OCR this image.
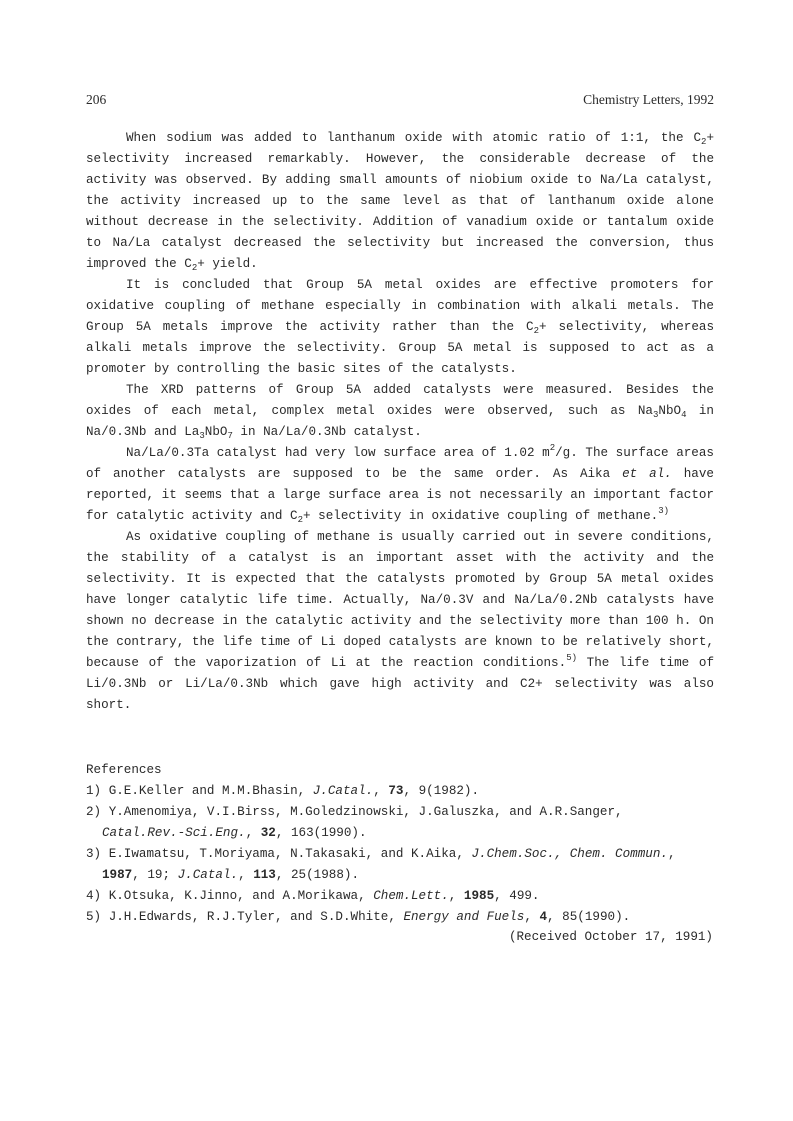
206	Chemistry Letters, 1992

When sodium was added to lanthanum oxide with atomic ratio of 1:1, the $C_2+$ selectivity increased remarkably. However, the considerable decrease of the activity was observed. By adding small amounts of niobium oxide to Na/La catalyst, the activity increased up to the same level as that of lanthanum oxide alone without decrease in the selectivity. Addition of vanadium oxide or tantalum oxide to Na/La catalyst decreased the selectivity but increased the conversion, thus improved the $C_2+$ yield.

It is concluded that Group 5A metal oxides are effective promoters for oxidative coupling of methane especially in combination with alkali metals. The Group 5A metals improve the activity rather than the $C_2+$ selectivity, whereas alkali metals improve the selectivity. Group 5A metal is supposed to act as a promoter by controlling the basic sites of the catalysts.

The XRD patterns of Group 5A added catalysts were measured. Besides the oxides of each metal, complex metal oxides were observed, such as $Na_3NbO_4$ in Na/0.3Nb and $La_3NbO_7$ in Na/La/0.3Nb catalyst.

Na/La/0.3Ta catalyst had very low surface area of 1.02 $m^2/g$. The surface areas of another catalysts are supposed to be the same order. As Aika et al. have reported, it seems that a large surface area is not necessarily an important factor for catalytic activity and $C_2+$ selectivity in oxidative coupling of methane.$^{3)}$

As oxidative coupling of methane is usually carried out in severe conditions, the stability of a catalyst is an important asset with the activity and the selectivity. It is expected that the catalysts promoted by Group 5A metal oxides have longer catalytic life time. Actually, Na/0.3V and Na/La/0.2Nb catalysts have shown no decrease in the catalytic activity and the selectivity more than 100 h. On the contrary, the life time of Li doped catalysts are known to be relatively short, because of the vaporization of Li at the reaction conditions.$^{5)}$ The life time of Li/0.3Nb or Li/La/0.3Nb which gave high activity and C2+ selectivity was also short.

References

1) G.E.Keller and M.M.Bhasin, J.Catal., 73, 9(1982).
2) Y.Amenomiya, V.I.Birss, M.Goledzinowski, J.Galuszka, and A.R.Sanger,
Catal.Rev.-Sci.Eng., 32, 163(1990).
3) E.Iwamatsu, T.Moriyama, N.Takasaki, and K.Aika, J.Chem.Soc., Chem. Commun., 1987, 19; J.Catal., 113, 25(1988).
4) K.Otsuka, K.Jinno, and A.Morikawa, Chem.Lett., 1985, 499.
5) J.H.Edwards, R.J.Tyler, and S.D.White, Energy and Fuels, 4, 85(1990).
(Received October 17, 1991)
